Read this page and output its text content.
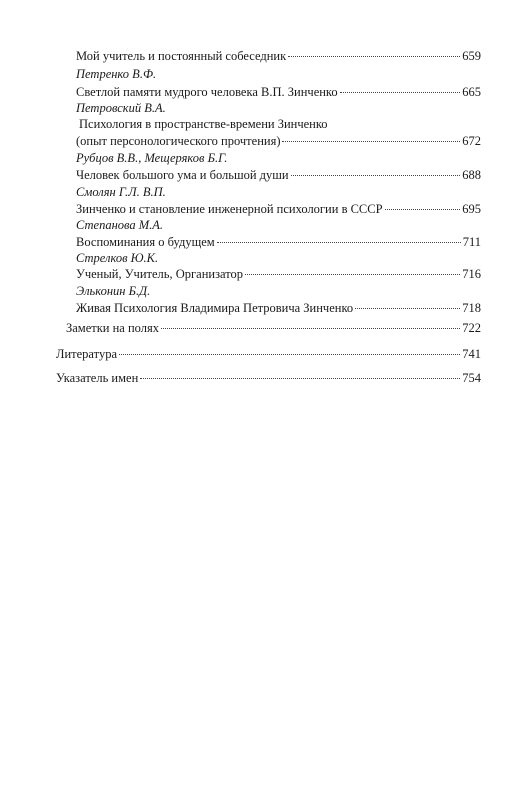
Мой учитель и постоянный собеседник	659
Петренко В.Ф.
Светлой памяти мудрого человека В.П. Зинченко	665
Петровский В.А.
Психология в пространстве-времени Зинченко
(опыт персонологического прочтения)	672
Рубцов В.В., Мещеряков Б.Г.
Человек большого ума и большой души	688
Смолян Г.Л. В.П.
Зинченко и становление инженерной психологии в СССР	695
Степанова М.А.
Воспоминания о будущем	711
Стрелков Ю.К.
Ученый, Учитель, Организатор	716
Эльконин Б.Д.
Живая Психология Владимира Петровича Зинченко	718
Заметки на полях	722
Литература	741
Указатель имен	754
